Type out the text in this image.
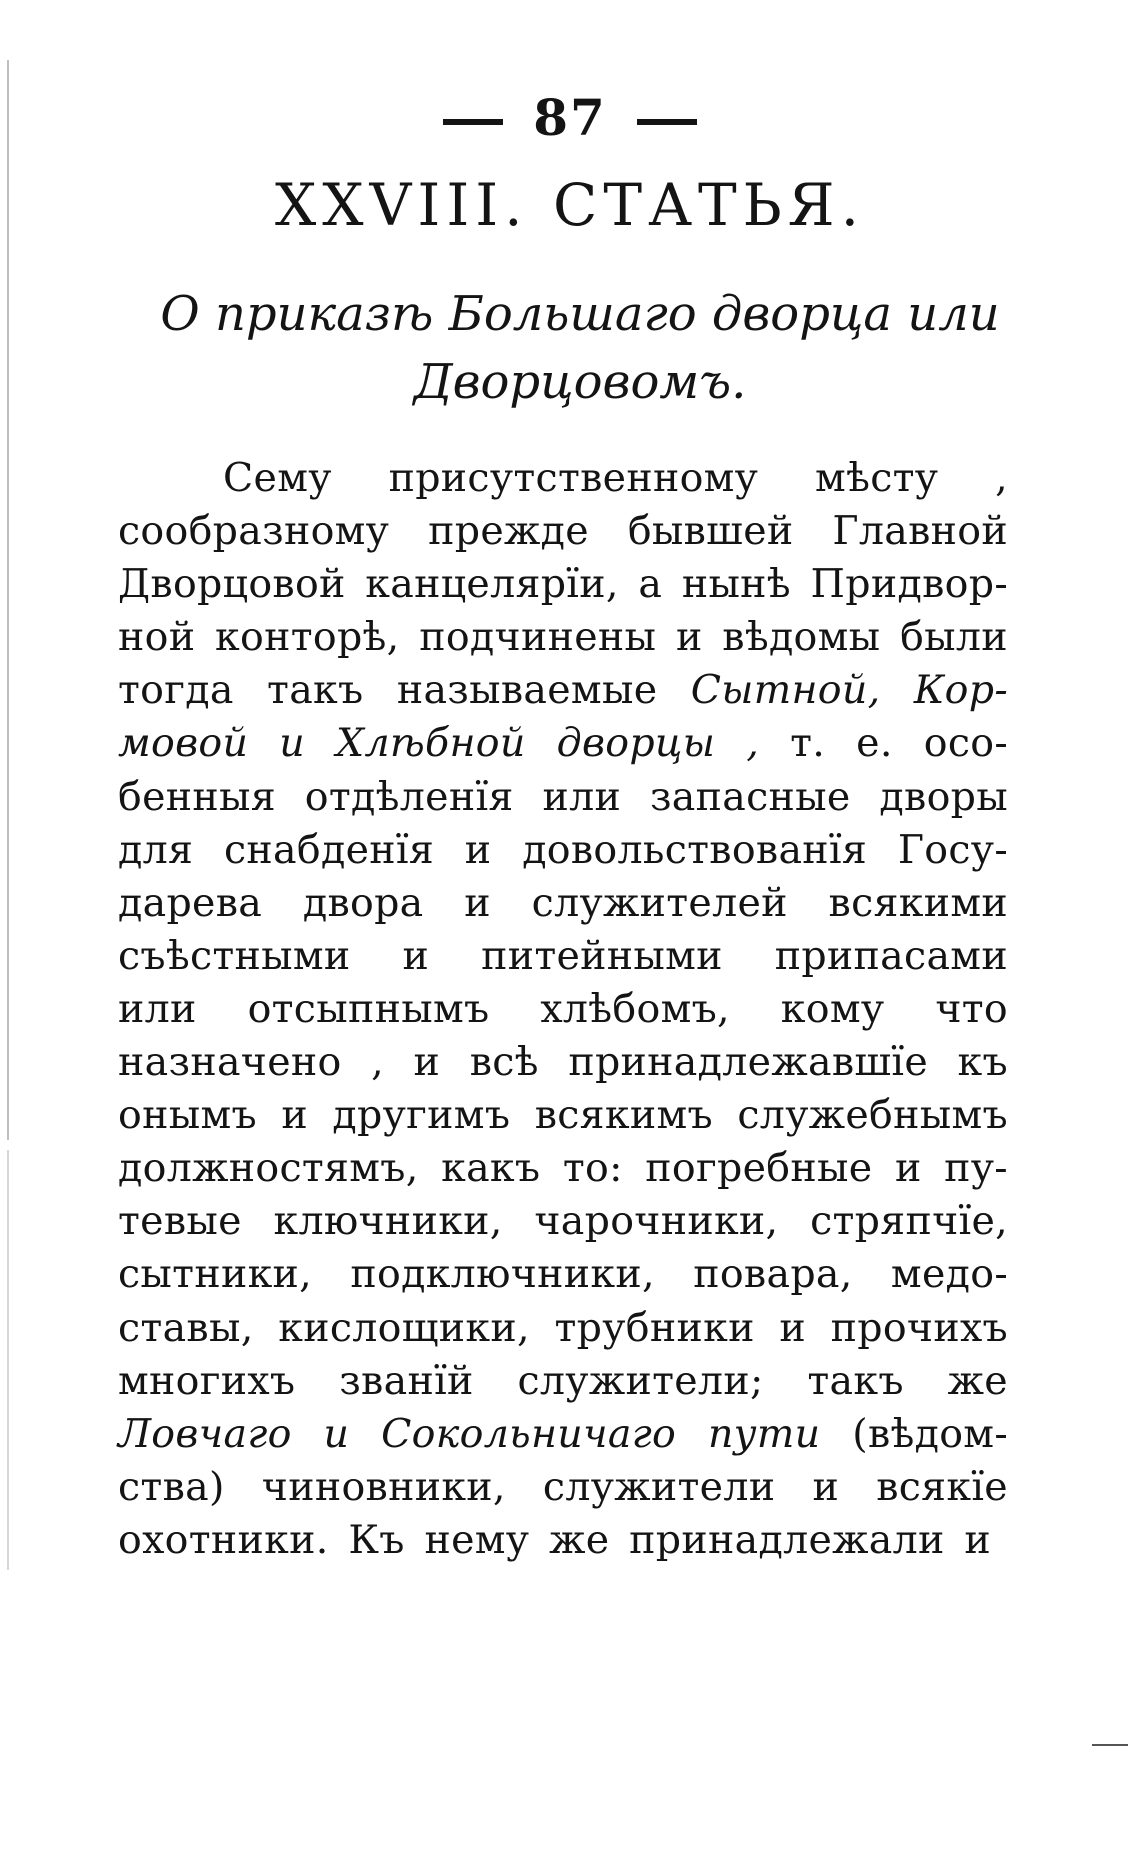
87
XXVIII. СТАТЬЯ.
О приказѣ Большаго дворца или
Дворцовомъ.
Сему присутственному мѣсту ,
сообразному прежде бывшей Главной
Дворцовой канцелярїи, а нынѣ Придвор-
ной конторѣ, подчинены и вѣдомы были
тогда такъ называемые Сытной, Кор-
мовой и Хлѣбной дворцы , т. е. осо-
бенныя отдѣленїя или запасные дворы
для снабденїя и довольствованїя Госу-
дарева двора и служителей всякими
съѣстными и питейными припасами
или отсыпнымъ хлѣбомъ, кому что
назначено , и всѣ принадлежавшїе къ
онымъ и другимъ всякимъ служебнымъ
должностямъ, какъ то: погребные и пу-
тевые ключники, чарочники, стряпчїе,
сытники, подключники, повара, медо-
ставы, кислощики, трубники и прочихъ
многихъ званїй служители; такъ же
Ловчаго и Сокольничаго пути (вѣдом-
ства) чиновники, служители и всякїе
охотники. Къ нему же принадлежали и
